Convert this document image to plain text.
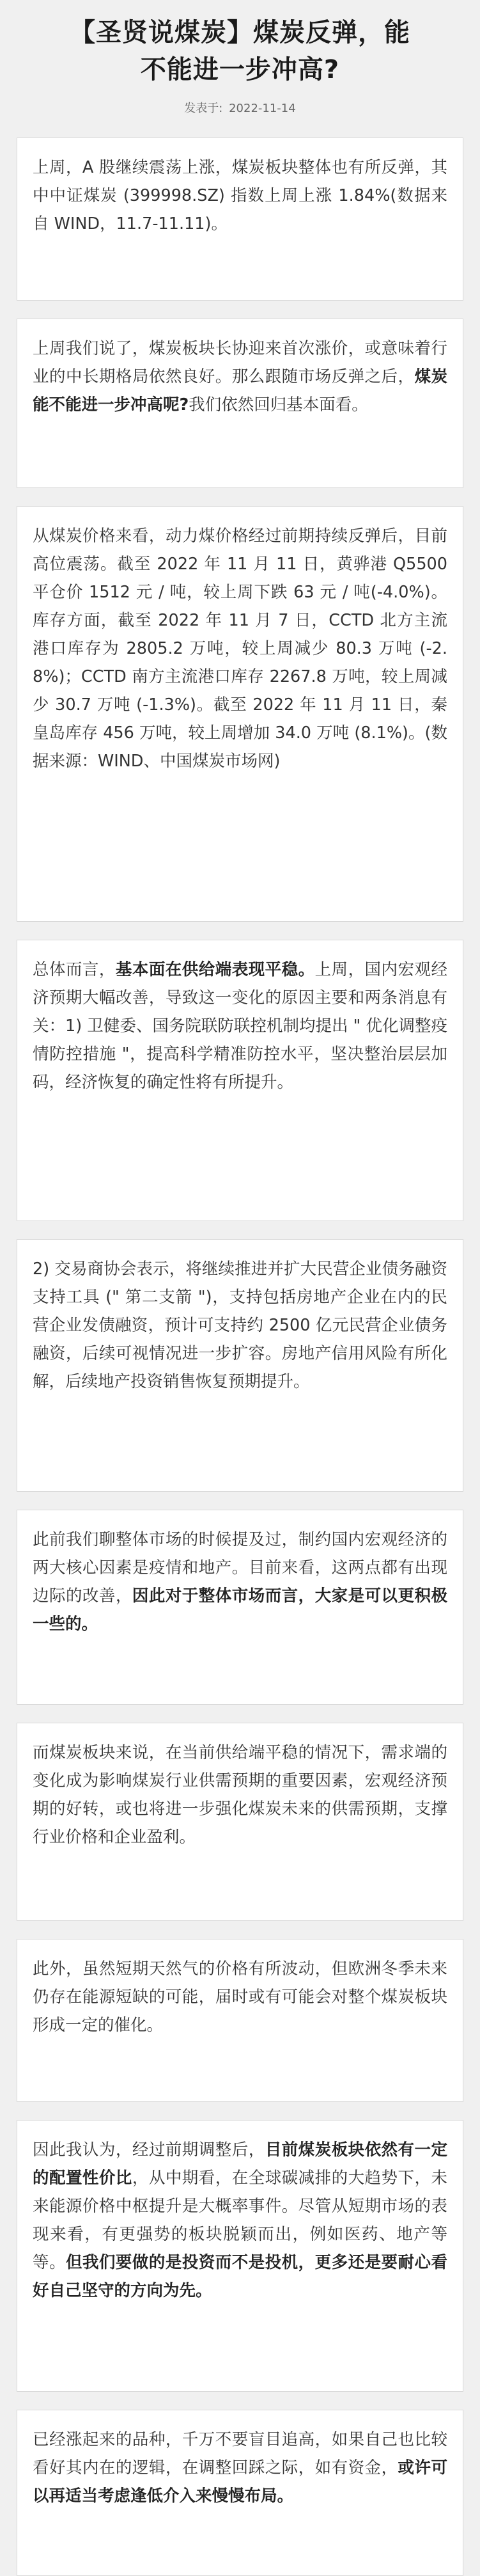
【圣贤说煤炭】煤炭反弹，能不能进一步冲高?
发表于: 2022-11-14
上周，A 股继续震荡上涨，煤炭板块整体也有所反弹，其中中证煤炭 (399998.SZ) 指数上周上涨 1.84%(数据来自 WIND，11.7-11.11)。
上周我们说了，煤炭板块长协迎来首次涨价，或意味着行业的中长期格局依然良好。那么跟随市场反弹之后，煤炭能不能进一步冲高呢?我们依然回归基本面看。
从煤炭价格来看，动力煤价格经过前期持续反弹后，目前高位震荡。截至 2022 年 11 月 11 日，黄骅港 Q5500 平仓价 1512 元 / 吨，较上周下跌 63 元 / 吨(-4.0%)。库存方面，截至 2022 年 11 月 7 日，CCTD 北方主流港口库存为 2805.2 万吨，较上周减少 80.3 万吨 (-2.8%)；CCTD 南方主流港口库存 2267.8 万吨，较上周减少 30.7 万吨 (-1.3%)。截至 2022 年 11 月 11 日，秦皇岛库存 456 万吨，较上周增加 34.0 万吨 (8.1%)。(数据来源：WIND、中国煤炭市场网)
总体而言，基本面在供给端表现平稳。上周，国内宏观经济预期大幅改善，导致这一变化的原因主要和两条消息有关：1) 卫健委、国务院联防联控机制均提出 " 优化调整疫情防控措施 "，提高科学精准防控水平，坚决整治层层加码，经济恢复的确定性将有所提升。
2) 交易商协会表示，将继续推进并扩大民营企业债务融资支持工具 (" 第二支箭 ")，支持包括房地产企业在内的民营企业发债融资，预计可支持约 2500 亿元民营企业债务融资，后续可视情况进一步扩容。房地产信用风险有所化解，后续地产投资销售恢复预期提升。
此前我们聊整体市场的时候提及过，制约国内宏观经济的两大核心因素是疫情和地产。目前来看，这两点都有出现边际的改善，因此对于整体市场而言，大家是可以更积极一些的。
而煤炭板块来说，在当前供给端平稳的情况下，需求端的变化成为影响煤炭行业供需预期的重要因素，宏观经济预期的好转，或也将进一步强化煤炭未来的供需预期，支撑行业价格和企业盈利。
此外，虽然短期天然气的价格有所波动，但欧洲冬季未来仍存在能源短缺的可能，届时或有可能会对整个煤炭板块形成一定的催化。
因此我认为，经过前期调整后，目前煤炭板块依然有一定的配置性价比，从中期看，在全球碳减排的大趋势下，未来能源价格中枢提升是大概率事件。尽管从短期市场的表现来看，有更强势的板块脱颖而出，例如医药、地产等等。但我们要做的是投资而不是投机，更多还是要耐心看好自己坚守的方向为先。
已经涨起来的品种，千万不要盲目追高，如果自己也比较看好其内在的逻辑，在调整回踩之际，如有资金，或许可以再适当考虑逢低介入来慢慢布局。
